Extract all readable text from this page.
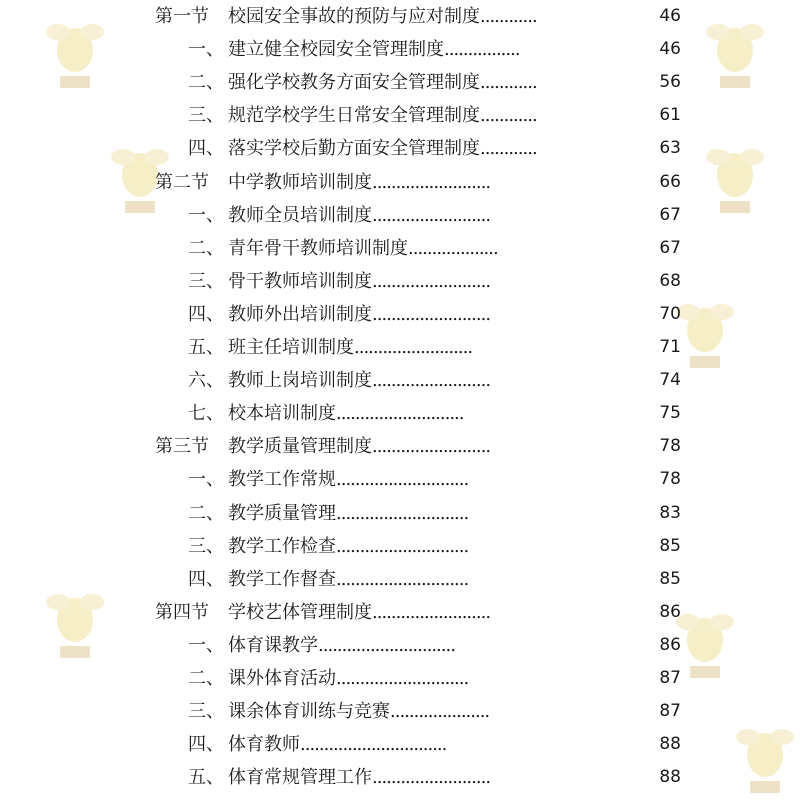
第一节 校园安全事故的预防与应对制度............	46
一、 建立健全校园安全管理制度................	46
二、 强化学校教务方面安全管理制度............	56
三、 规范学校学生日常安全管理制度............	61
四、 落实学校后勤方面安全管理制度............	63
第二节 中学教师培训制度.........................	66
一、 教师全员培训制度.........................	67
二、 青年骨干教师培训制度...................	67
三、 骨干教师培训制度.........................	68
四、 教师外出培训制度.........................	70
五、 班主任培训制度.........................	71
六、 教师上岗培训制度.........................	74
七、 校本培训制度...........................	75
第三节 教学质量管理制度.........................	78
一、 教学工作常规............................	78
二、 教学质量管理............................	83
三、 教学工作检查............................	85
四、 教学工作督查............................	85
第四节 学校艺体管理制度.........................	86
一、 体育课教学.............................	86
二、 课外体育活动............................	87
三、 课余体育训练与竞赛.....................	87
四、 体育教师...............................	88
五、 体育常规管理工作.........................	88
